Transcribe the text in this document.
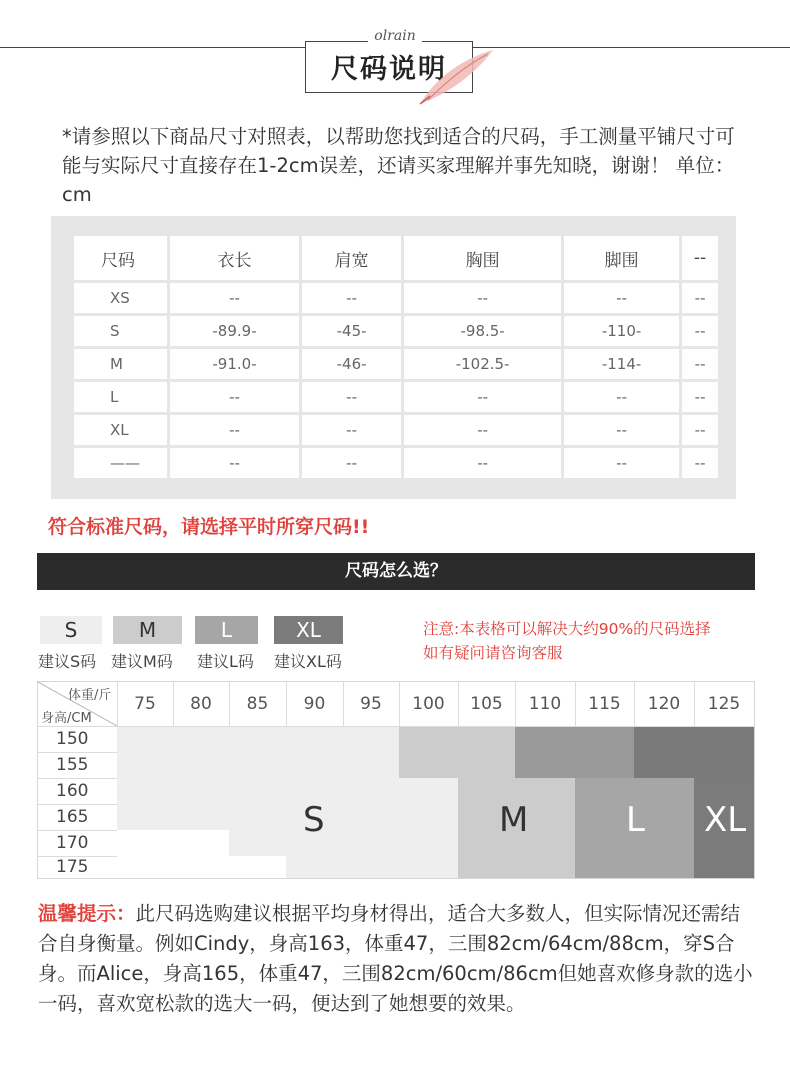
olrain
尺码说明
*请参照以下商品尺寸对照表，以帮助您找到适合的尺码，手工测量平铺尺寸可能与实际尺寸直接存在1-2cm误差，还请买家理解并事先知晓，谢谢！ 单位：cm
尺码	衣长	肩宽	胸围	脚围	--
XS	--	--	--	--	--
S	-89.9-	-45-	-98.5-	-110-	--
M	-91.0-	-46-	-102.5-	-114-	--
L	--	--	--	--	--
XL	--	--	--	--	--
——	--	--	--	--	--
符合标准尺码，请选择平时所穿尺码!!
尺码怎么选？
S
建议S码
M
建议M码
L
建议L码
XL
建议XL码
注意:本表格可以解决大约90%的尺码选择
如有疑问请咨询客服
体重/斤
身高/CM
75	80	85	90	95	100	105	110	115	120	125
150
155
160
165
170
175
S	M	L XL
温馨提示：此尺码选购建议根据平均身材得出，适合大多数人，但实际情况还需结合自身衡量。例如Cindy，身高163，体重47，三围82cm/64cm/88cm，穿S合身。而Alice，身高165，体重47，三围82cm/60cm/86cm但她喜欢修身款的选小一码，喜欢宽松款的选大一码，便达到了她想要的效果。
